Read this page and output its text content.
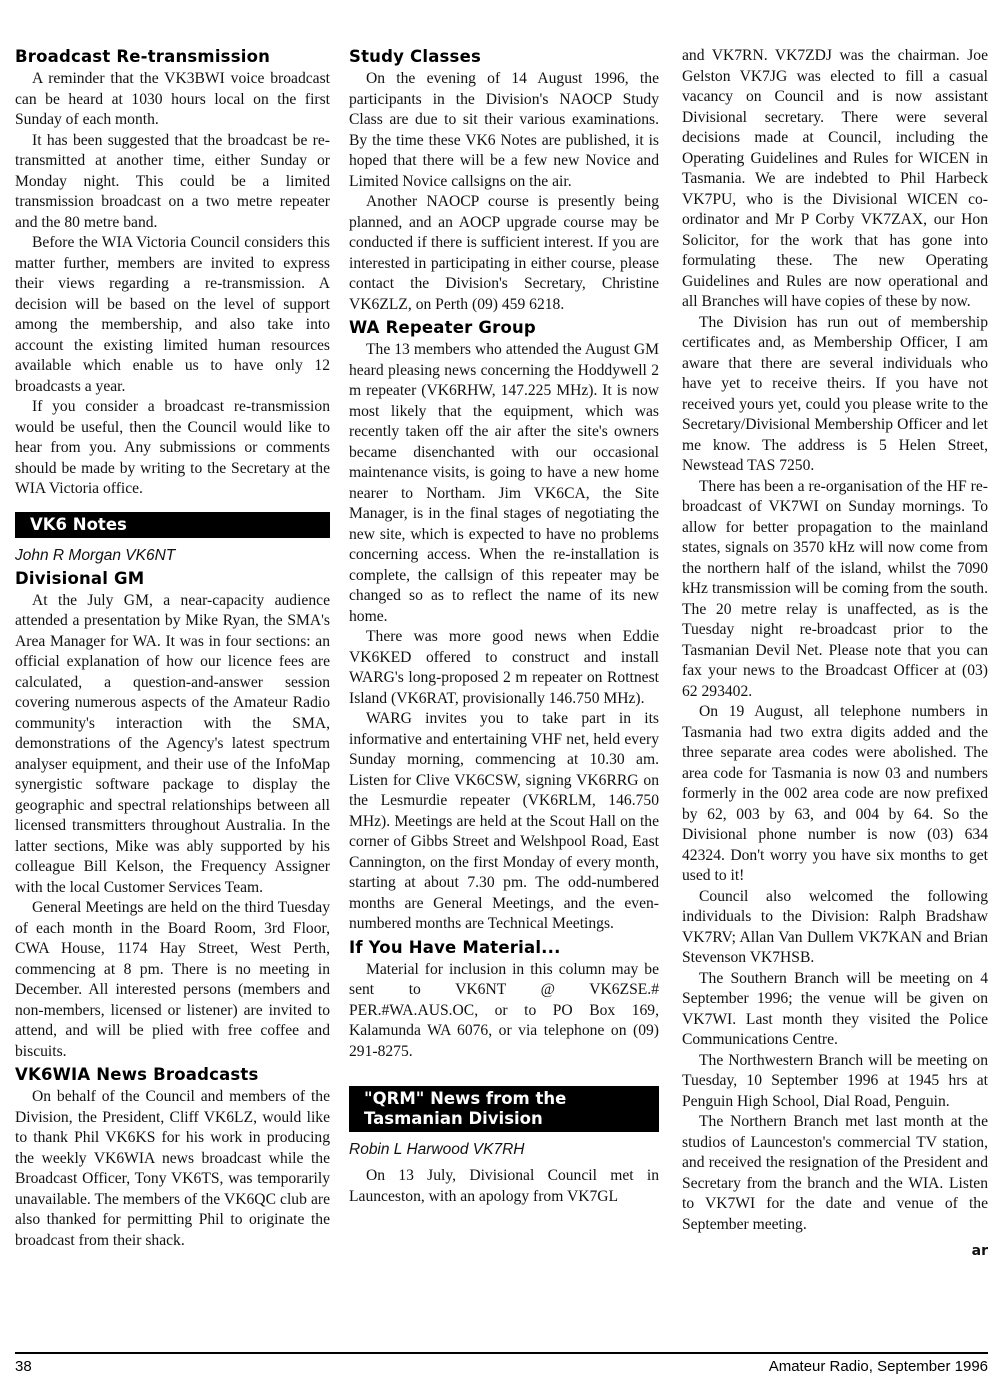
Broadcast Re-transmission

A reminder that the VK3BWI voice broadcast can be heard at 1030 hours local on the first Sunday of each month.

It has been suggested that the broadcast be re-transmitted at another time, either Sunday or Monday night. This could be a limited transmission broadcast on a two metre repeater and the 80 metre band.

Before the WIA Victoria Council considers this matter further, members are invited to express their views regarding a re-transmission. A decision will be based on the level of support among the membership, and also take into account the existing limited human resources available which enable us to have only 12 broadcasts a year.

If you consider a broadcast re-transmission would be useful, then the Council would like to hear from you. Any submissions or comments should be made by writing to the Secretary at the WIA Victoria office.

VK6 Notes
John R Morgan VK6NT
Divisional GM

At the July GM, a near-capacity audience attended a presentation by Mike Ryan, the SMA's Area Manager for WA. It was in four sections: an official explanation of how our licence fees are calculated, a question-and-answer session covering numerous aspects of the Amateur Radio community's interaction with the SMA, demonstrations of the Agency's latest spectrum analyser equipment, and their use of the InfoMap synergistic software package to display the geographic and spectral relationships between all licensed transmitters throughout Australia. In the latter sections, Mike was ably supported by his colleague Bill Kelson, the Frequency Assigner with the local Customer Services Team.

General Meetings are held on the third Tuesday of each month in the Board Room, 3rd Floor, CWA House, 1174 Hay Street, West Perth, commencing at 8 pm. There is no meeting in December. All interested persons (members and non-members, licensed or listener) are invited to attend, and will be plied with free coffee and biscuits.

VK6WIA News Broadcasts

On behalf of the Council and members of the Division, the President, Cliff VK6LZ, would like to thank Phil VK6KS for his work in producing the weekly VK6WIA news broadcast while the Broadcast Officer, Tony VK6TS, was temporarily unavailable. The members of the VK6QC club are also thanked for permitting Phil to originate the broadcast from their shack.

Study Classes

On the evening of 14 August 1996, the participants in the Division's NAOCP Study Class are due to sit their various examinations. By the time these VK6 Notes are published, it is hoped that there will be a few new Novice and Limited Novice callsigns on the air.

Another NAOCP course is presently being planned, and an AOCP upgrade course may be conducted if there is sufficient interest. If you are interested in participating in either course, please contact the Division's Secretary, Christine VK6ZLZ, on Perth (09) 459 6218.

WA Repeater Group

The 13 members who attended the August GM heard pleasing news concerning the Hoddywell 2 m repeater (VK6RHW, 147.225 MHz). It is now most likely that the equipment, which was recently taken off the air after the site's owners became disenchanted with our occasional maintenance visits, is going to have a new home nearer to Northam. Jim VK6CA, the Site Manager, is in the final stages of negotiating the new site, which is expected to have no problems concerning access. When the re-installation is complete, the callsign of this repeater may be changed so as to reflect the name of its new home.

There was more good news when Eddie VK6KED offered to construct and install WARG's long-proposed 2 m repeater on Rottnest Island (VK6RAT, provisionally 146.750 MHz).

WARG invites you to take part in its informative and entertaining VHF net, held every Sunday morning, commencing at 10.30 am. Listen for Clive VK6CSW, signing VK6RRG on the Lesmurdie repeater (VK6RLM, 146.750 MHz). Meetings are held at the Scout Hall on the corner of Gibbs Street and Welshpool Road, East Cannington, on the first Monday of every month, starting at about 7.30 pm. The odd-numbered months are General Meetings, and the even-numbered months are Technical Meetings.

If You Have Material...

Material for inclusion in this column may be sent to VK6NT @ VK6ZSE.# PER.#WA.AUS.OC, or to PO Box 169, Kalamunda WA 6076, or via telephone on (09) 291-8275.

"QRM" News from the
Tasmanian Division
Robin L Harwood VK7RH

On 13 July, Divisional Council met in Launceston, with an apology from VK7GL

and VK7RN. VK7ZDJ was the chairman. Joe Gelston VK7JG was elected to fill a casual vacancy on Council and is now assistant Divisional secretary. There were several decisions made at Council, including the Operating Guidelines and Rules for WICEN in Tasmania. We are indebted to Phil Harbeck VK7PU, who is the Divisional WICEN co-ordinator and Mr P Corby VK7ZAX, our Hon Solicitor, for the work that has gone into formulating these. The new Operating Guidelines and Rules are now operational and all Branches will have copies of these by now.

The Division has run out of membership certificates and, as Membership Officer, I am aware that there are several individuals who have yet to receive theirs. If you have not received yours yet, could you please write to the Secretary/Divisional Membership Officer and let me know. The address is 5 Helen Street, Newstead TAS 7250.

There has been a re-organisation of the HF re-broadcast of VK7WI on Sunday mornings. To allow for better propagation to the mainland states, signals on 3570 kHz will now come from the northern half of the island, whilst the 7090 kHz transmission will be coming from the south. The 20 metre relay is unaffected, as is the Tuesday night re-broadcast prior to the Tasmanian Devil Net. Please note that you can fax your news to the Broadcast Officer at (03) 62 293402.

On 19 August, all telephone numbers in Tasmania had two extra digits added and the three separate area codes were abolished. The area code for Tasmania is now 03 and numbers formerly in the 002 area code are now prefixed by 62, 003 by 63, and 004 by 64. So the Divisional phone number is now (03) 634 42324. Don't worry you have six months to get used to it!

Council also welcomed the following individuals to the Division: Ralph Bradshaw VK7RV; Allan Van Dullem VK7KAN and Brian Stevenson VK7HSB.

The Southern Branch will be meeting on 4 September 1996; the venue will be given on VK7WI. Last month they visited the Police Communications Centre.

The Northwestern Branch will be meeting on Tuesday, 10 September 1996 at 1945 hrs at Penguin High School, Dial Road, Penguin.

The Northern Branch met last month at the studios of Launceston's commercial TV station, and received the resignation of the President and Secretary from the branch and the WIA. Listen to VK7WI for the date and venue of the September meeting.

ar
38	Amateur Radio, September 1996
